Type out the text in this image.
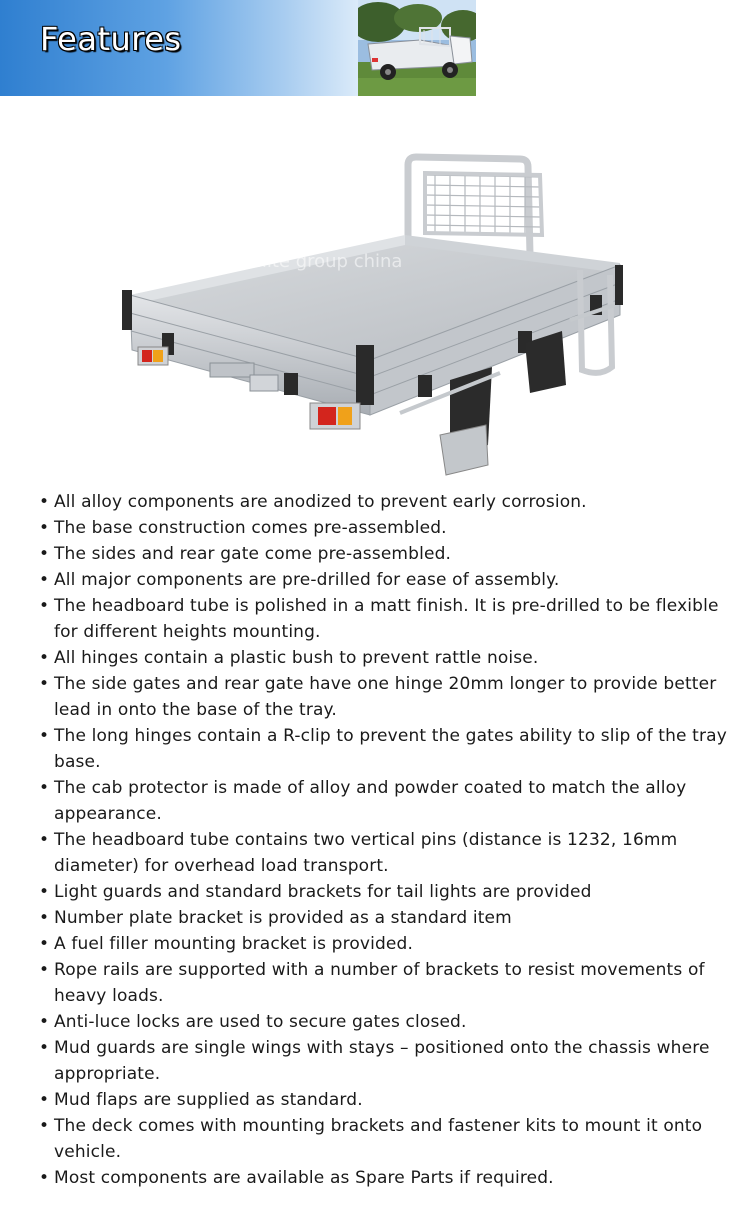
Features
kinlite group china
• All alloy components are anodized to prevent early corrosion.
• The base construction comes pre-assembled.
• The sides and rear gate come pre-assembled.
• All major components are pre-drilled for ease of assembly.
• The headboard tube is polished in a matt finish. It is pre-drilled to be flexible for different heights mounting.
• All hinges contain a plastic bush to prevent rattle noise.
• The side gates and rear gate have one hinge 20mm longer to provide better lead in onto the base of the tray.
• The long hinges contain a R-clip to prevent the gates ability to slip of the tray base.
• The cab protector is made of alloy and powder coated to match the alloy appearance.
• The headboard tube contains two vertical pins (distance is 1232, 16mm diameter) for overhead load transport.
• Light guards and standard brackets for tail lights are provided
• Number plate bracket is provided as a standard item
• A fuel filler mounting bracket is provided.
• Rope rails are supported with a number of brackets to resist movements of heavy loads.
• Anti-luce locks are used to secure gates closed.
• Mud guards are single wings with stays – positioned onto the chassis where appropriate.
• Mud flaps are supplied as standard.
• The deck comes with mounting brackets and fastener kits to mount it onto vehicle.
• Most components are available as Spare Parts if required.
